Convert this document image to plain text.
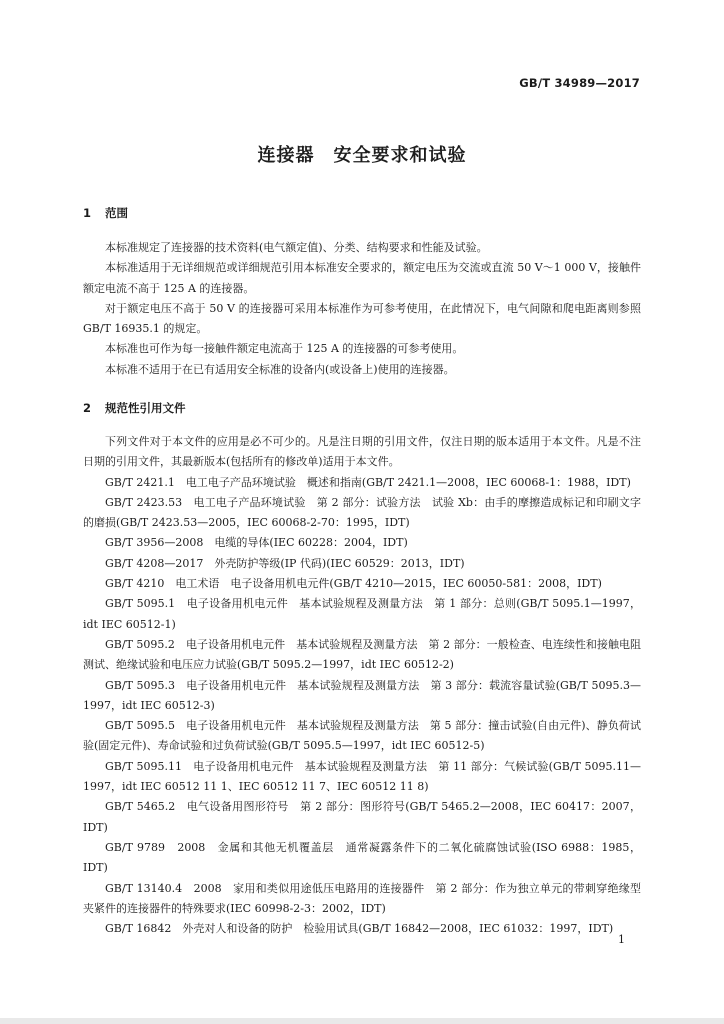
GB/T 34989—2017
连接器　安全要求和试验
1 范围

本标准规定了连接器的技术资料(电气额定值)、分类、结构要求和性能及试验。

本标准适用于无详细规范或详细规范引用本标准安全要求的，额定电压为交流或直流 50 V～1 000 V，接触件额定电流不高于 125 A 的连接器。

对于额定电压不高于 50 V 的连接器可采用本标准作为可参考使用，在此情况下，电气间隙和爬电距离则参照 GB/T 16935.1 的规定。

本标准也可作为每一接触件额定电流高于 125 A 的连接器的可参考使用。

本标准不适用于在已有适用安全标准的设备内(或设备上)使用的连接器。

2 规范性引用文件

下列文件对于本文件的应用是必不可少的。凡是注日期的引用文件，仅注日期的版本适用于本文件。凡是不注日期的引用文件，其最新版本(包括所有的修改单)适用于本文件。

GB/T 2421.1　电工电子产品环境试验　概述和指南(GB/T 2421.1—2008，IEC 60068-1：1988，IDT)

GB/T 2423.53　电工电子产品环境试验　第 2 部分：试验方法　试验 Xb：由手的摩擦造成标记和印刷文字的磨损(GB/T 2423.53—2005，IEC 60068-2-70：1995，IDT)

GB/T 3956—2008　电缆的导体(IEC 60228：2004，IDT)

GB/T 4208—2017　外壳防护等级(IP 代码)(IEC 60529：2013，IDT)

GB/T 4210　电工术语　电子设备用机电元件(GB/T 4210—2015，IEC 60050-581：2008，IDT)

GB/T 5095.1　电子设备用机电元件　基本试验规程及测量方法　第 1 部分：总则(GB/T 5095.1—1997，idt IEC 60512-1)

GB/T 5095.2　电子设备用机电元件　基本试验规程及测量方法　第 2 部分：一般检查、电连续性和接触电阻测试、绝缘试验和电压应力试验(GB/T 5095.2—1997，idt IEC 60512-2)

GB/T 5095.3　电子设备用机电元件　基本试验规程及测量方法　第 3 部分：载流容量试验(GB/T 5095.3—1997，idt IEC 60512-3)

GB/T 5095.5　电子设备用机电元件　基本试验规程及测量方法　第 5 部分：撞击试验(自由元件)、静负荷试验(固定元件)、寿命试验和过负荷试验(GB/T 5095.5—1997，idt IEC 60512-5)

GB/T 5095.11　电子设备用机电元件　基本试验规程及测量方法　第 11 部分：气候试验(GB/T 5095.11—1997，idt IEC 60512 11 1、IEC 60512 11 7、IEC 60512 11 8)

GB/T 5465.2　电气设备用图形符号　第 2 部分：图形符号(GB/T 5465.2—2008，IEC 60417：2007，IDT)

GB/T 9789　2008　金属和其他无机覆盖层　通常凝露条件下的二氧化硫腐蚀试验(ISO 6988：1985，IDT)

GB/T 13140.4　2008　家用和类似用途低压电路用的连接器件　第 2 部分：作为独立单元的带刺穿绝缘型夹紧件的连接器件的特殊要求(IEC 60998-2-3：2002，IDT)

GB/T 16842　外壳对人和设备的防护　检验用试具(GB/T 16842—2008，IEC 61032：1997，IDT)

1
